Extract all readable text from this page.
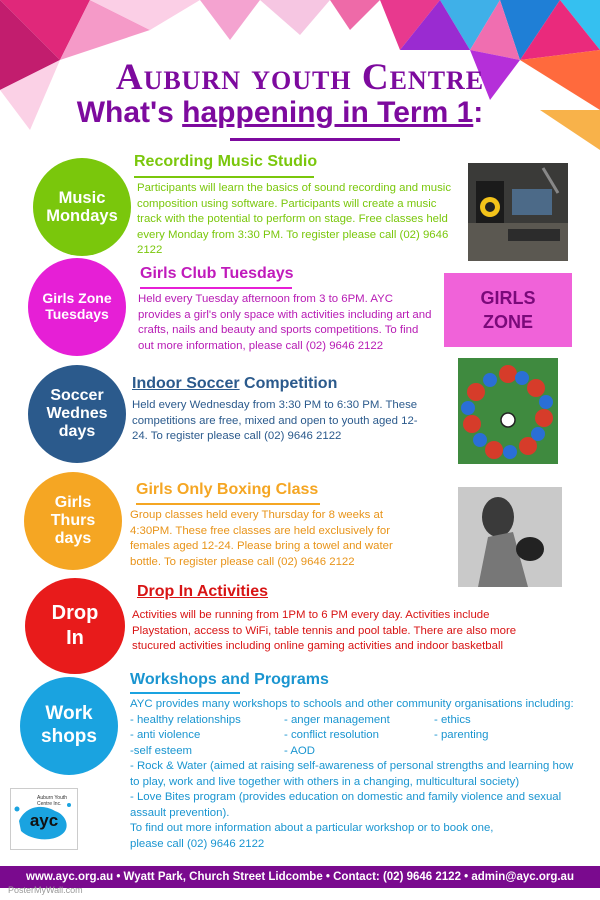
Auburn youth Centre
What's happening in Term 1:
Music Mondays
Recording Music Studio
Participants will learn the basics of sound recording and music composition using software. Participants will create a music track with the potential to perform on stage. Free classes held every Monday from 3:30 PM. To register please call (02) 9646 2122
Girls Zone Tuesdays
Girls Club Tuesdays
Held every Tuesday afternoon from 3 to 6PM. AYC provides a girl's only space with activities including art and crafts, nails and beauty and sports competitions. To find out more information, please call (02) 9646 2122
GIRLS ZONE
Soccer Wednes days
Indoor Soccer Competition
Held every Wednesday from 3:30 PM to 6:30 PM. These competitions are free, mixed and open to youth aged 12-24. To register please call (02) 9646 2122
Girls Thurs days
Girls Only Boxing Class
Group classes held every Thursday for 8 weeks at 4:30PM. These free classes are held exclusively for females aged 12-24. Please bring a towel and water bottle. To register please call (02) 9646 2122
Drop In
Drop In Activities
Activities will be running from 1PM to 6 PM every day. Activities include Playstation, access to WiFi, table tennis and pool table. There are also more stucured activities including online gaming activities and indoor basketball
Work shops
Workshops and Programs
AYC provides many workshops to schools and other community organisations including:
- healthy relationships	- anger management	- ethics
- anti violence	- conflict resolution	- parenting
-self esteem	- AOD
- Rock & Water (aimed at raising self-awareness of personal strengths and learning how to play, work and live together with others in a changing, multicultural society)
- Love Bites program (provides education on domestic and family violence and sexual assault prevention).
To find out more information about a particular workshop or to book one, please call (02) 9646 2122
ayc
Auburn Youth Centre Inc.
www.ayc.org.au • Wyatt Park, Church Street Lidcombe • Contact: (02) 9646 2122 • admin@ayc.org.au
PosterMyWall.com
